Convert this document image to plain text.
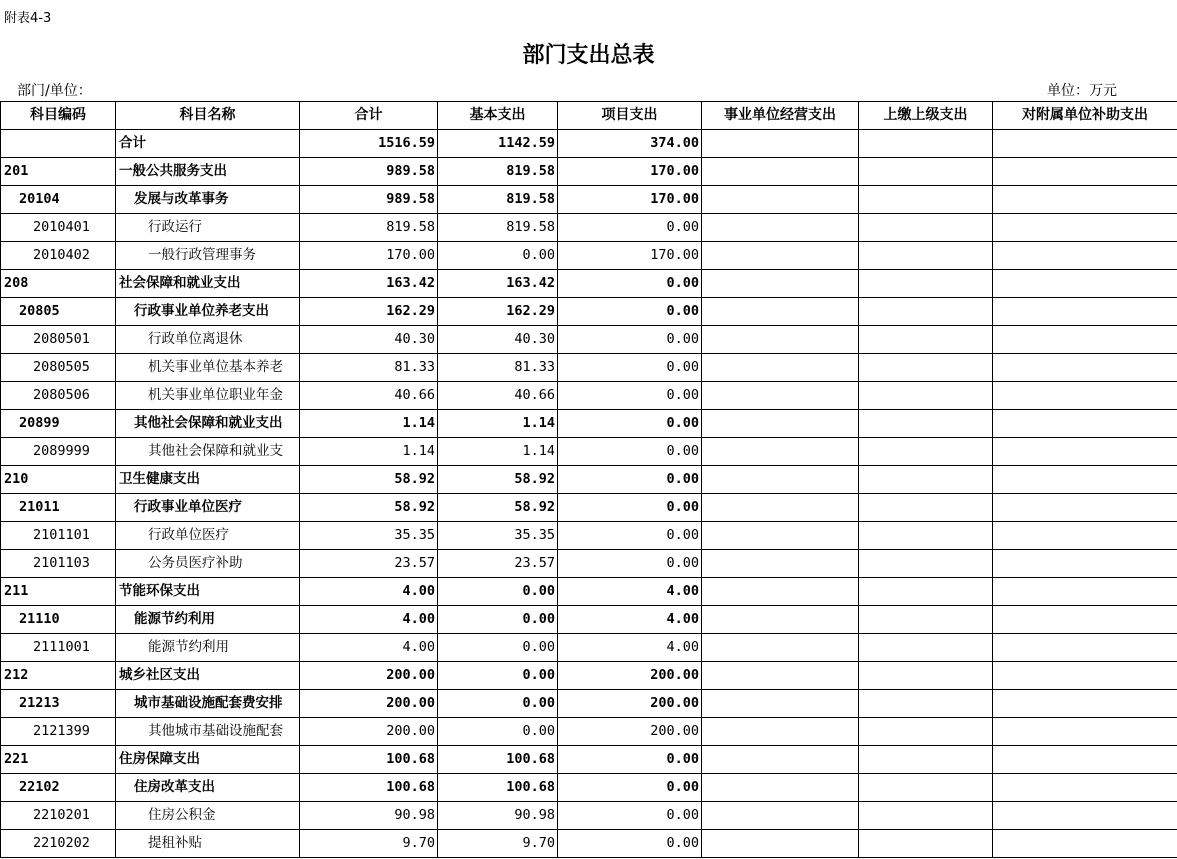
附表4-3
部门支出总表
部门/单位：	单位：万元
科目编码	科目名称	合计	基本支出	项目支出	事业单位经营支出	上缴上级支出	对附属单位补助支出
	合计	1516.59	1142.59	374.00			
201	一般公共服务支出	989.58	819.58	170.00			
20104	发展与改革事务	989.58	819.58	170.00			
2010401	行政运行	819.58	819.58	0.00			
2010402	一般行政管理事务	170.00	0.00	170.00			
208	社会保障和就业支出	163.42	163.42	0.00			
20805	行政事业单位养老支出	162.29	162.29	0.00			
2080501	行政单位离退休	40.30	40.30	0.00			
2080505	机关事业单位基本养老	81.33	81.33	0.00			
2080506	机关事业单位职业年金	40.66	40.66	0.00			
20899	其他社会保障和就业支出	1.14	1.14	0.00			
2089999	其他社会保障和就业支	1.14	1.14	0.00			
210	卫生健康支出	58.92	58.92	0.00			
21011	行政事业单位医疗	58.92	58.92	0.00			
2101101	行政单位医疗	35.35	35.35	0.00			
2101103	公务员医疗补助	23.57	23.57	0.00			
211	节能环保支出	4.00	0.00	4.00			
21110	能源节约利用	4.00	0.00	4.00			
2111001	能源节约利用	4.00	0.00	4.00			
212	城乡社区支出	200.00	0.00	200.00			
21213	城市基础设施配套费安排	200.00	0.00	200.00			
2121399	其他城市基础设施配套	200.00	0.00	200.00			
221	住房保障支出	100.68	100.68	0.00			
22102	住房改革支出	100.68	100.68	0.00			
2210201	住房公积金	90.98	90.98	0.00			
2210202	提租补贴	9.70	9.70	0.00			
